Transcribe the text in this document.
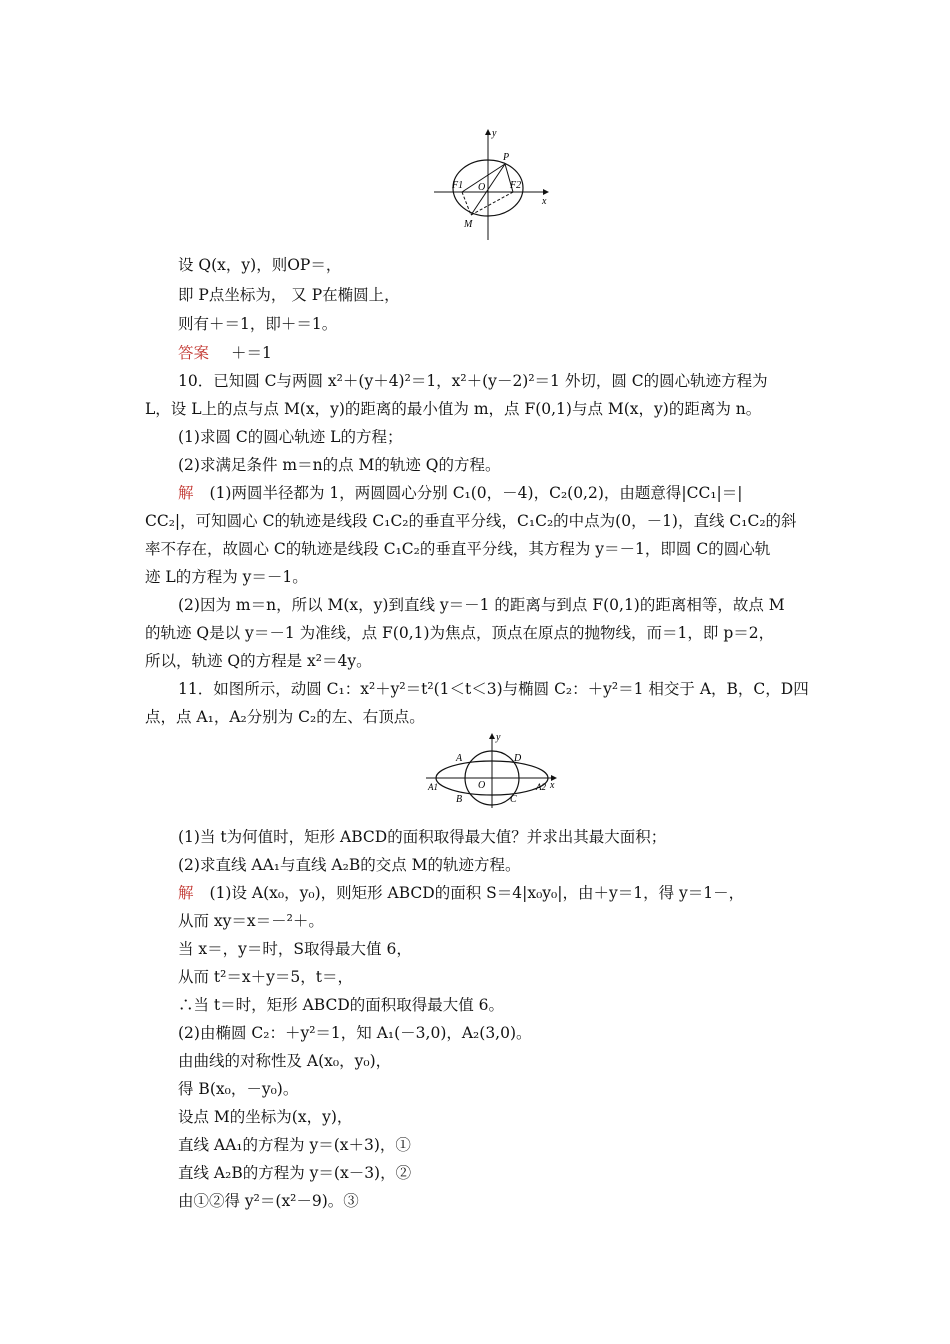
y
P
F1 O F2
x
M
设 Q(x，y)，则OP＝，
即 P点坐标为， 又 P在椭圆上，
则有＋＝1，即＋＝1。
答案 ＋＝1
10．已知圆 C与两圆 x²＋(y＋4)²＝1，x²＋(y－2)²＝1 外切，圆 C的圆心轨迹方程为
L，设 L上的点与点 M(x，y)的距离的最小值为 m，点 F(0,1)与点 M(x，y)的距离为 n。
(1)求圆 C的圆心轨迹 L的方程；
(2)求满足条件 m＝n的点 M的轨迹 Q的方程。
解 (1)两圆半径都为 1，两圆圆心分别 C₁(0，－4)，C₂(0,2)，由题意得|CC₁|＝|
CC₂|，可知圆心 C的轨迹是线段 C₁C₂的垂直平分线，C₁C₂的中点为(0，－1)，直线 C₁C₂的斜
率不存在，故圆心 C的轨迹是线段 C₁C₂的垂直平分线，其方程为 y＝－1，即圆 C的圆心轨
迹 L的方程为 y＝－1。
(2)因为 m＝n，所以 M(x，y)到直线 y＝－1 的距离与到点 F(0,1)的距离相等，故点 M
的轨迹 Q是以 y＝－1 为准线，点 F(0,1)为焦点，顶点在原点的抛物线，而＝1，即 p＝2，
所以，轨迹 Q的方程是 x²＝4y。
11．如图所示，动圆 C₁：x²＋y²＝t²(1＜t＜3)与椭圆 C₂：＋y²＝1 相交于 A，B，C，D四
点，点 A₁，A₂分别为 C₂的左、右顶点。
y
A	D
O
A1	A2 x
B	C
(1)当 t为何值时，矩形 ABCD的面积取得最大值？并求出其最大面积；
(2)求直线 AA₁与直线 A₂B的交点 M的轨迹方程。
解 (1)设 A(x₀，y₀)，则矩形 ABCD的面积 S＝4|x₀y₀|，由＋y＝1，得 y＝1－，
从而 xy＝x＝－²＋。
当 x＝，y＝时，S取得最大值 6，
从而 t²＝x＋y＝5，t＝，
∴当 t＝时，矩形 ABCD的面积取得最大值 6。
(2)由椭圆 C₂：＋y²＝1，知 A₁(－3,0)，A₂(3,0)。
由曲线的对称性及 A(x₀，y₀)，
得 B(x₀，－y₀)。
设点 M的坐标为(x，y)，
直线 AA₁的方程为 y＝(x＋3)，①
直线 A₂B的方程为 y＝(x－3)，②
由①②得 y²＝(x²－9)。③
